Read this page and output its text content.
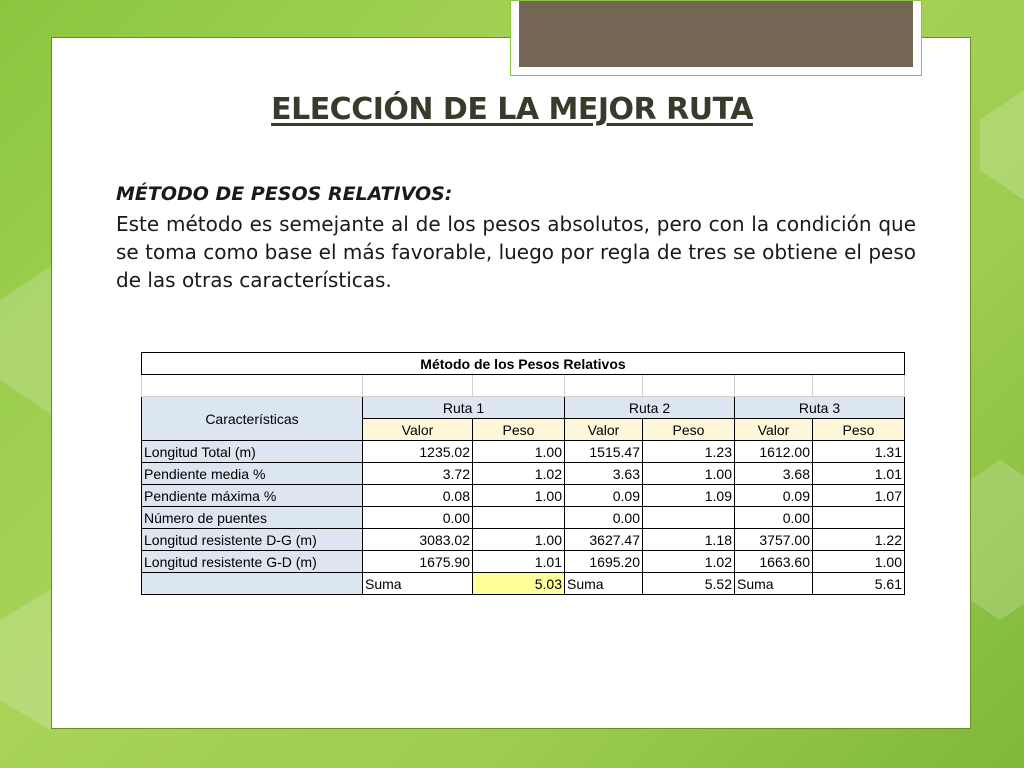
ELECCIÓN DE LA MEJOR RUTA
MÉTODO DE PESOS RELATIVOS:
Este método es semejante al de los pesos absolutos, pero con la condición que se toma como base el más favorable, luego por regla de tres se obtiene el peso de las otras características.
Método de los Pesos Relativos						

Características	Ruta 1		Ruta 2		Ruta 3	
	Valor	Peso	Valor	Peso	Valor	Peso
Longitud Total (m)	1235.02	1.00	1515.47	1.23	1612.00	1.31
Pendiente media %	3.72	1.02	3.63	1.00	3.68	1.01
Pendiente máxima %	0.08	1.00	0.09	1.09	0.09	1.07
Número de puentes	0.00		0.00		0.00	
Longitud resistente D-G (m)	3083.02	1.00	3627.47	1.18	3757.00	1.22
Longitud resistente G-D (m)	1675.90	1.01	1695.20	1.02	1663.60	1.00
	Suma	5.03	Suma	5.52	Suma	5.61
